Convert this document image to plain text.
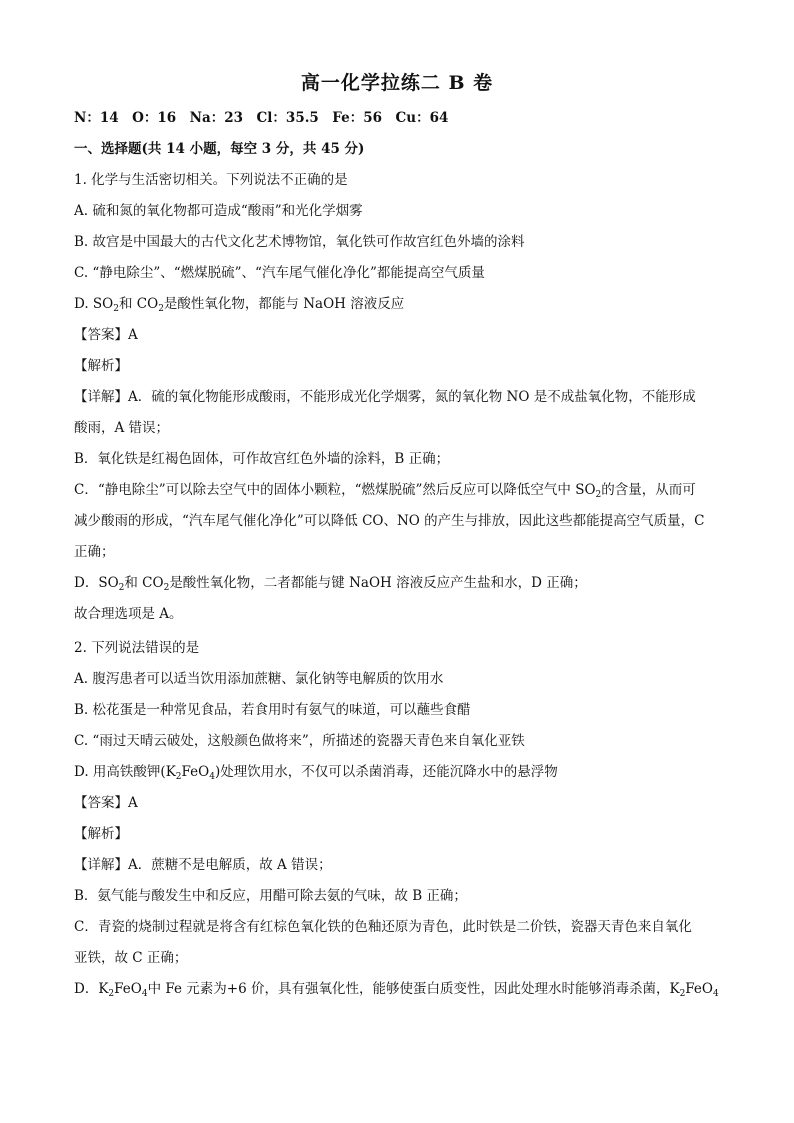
高一化学拉练二 B 卷
N：14　O：16　Na：23　Cl：35.5　Fe：56　Cu：64
一、选择题(共 14 小题，每空 3 分，共 45 分)
1. 化学与生活密切相关。下列说法不正确的是
A. 硫和氮的氧化物都可造成“酸雨”和光化学烟雾
B. 故宫是中国最大的古代文化艺术博物馆，氧化铁可作故宫红色外墙的涂料
C. “静电除尘”、“燃煤脱硫”、“汽车尾气催化净化”都能提高空气质量
D. $SO_2$和 $CO_2$是酸性氧化物，都能与 NaOH 溶液反应
【答案】A
【解析】
【详解】A．硫的氧化物能形成酸雨，不能形成光化学烟雾，氮的氧化物 NO 是不成盐氧化物，不能形成
酸雨，A 错误；
B．氧化铁是红褐色固体，可作故宫红色外墙的涂料，B 正确；
C．“静电除尘”可以除去空气中的固体小颗粒，“燃煤脱硫”然后反应可以降低空气中 $SO_2$的含量，从而可
减少酸雨的形成，“汽车尾气催化净化”可以降低 CO、NO 的产生与排放，因此这些都能提高空气质量，C
正确；
D．$SO_2$和 $CO_2$是酸性氧化物，二者都能与键 NaOH 溶液反应产生盐和水，D 正确；
故合理选项是 A。
2. 下列说法错误的是
A. 腹泻患者可以适当饮用添加蔗糖、氯化钠等电解质的饮用水
B. 松花蛋是一种常见食品，若食用时有氨气的味道，可以蘸些食醋
C. “雨过天晴云破处，这般颜色做将来”，所描述的瓷器天青色来自氧化亚铁
D. 用高铁酸钾$(K_2FeO_4)$处理饮用水，不仅可以杀菌消毒，还能沉降水中的悬浮物
【答案】A
【解析】
【详解】A．蔗糖不是电解质，故 A 错误；
B．氨气能与酸发生中和反应，用醋可除去氨的气味，故 B 正确；
C．青瓷的烧制过程就是将含有红棕色氧化铁的色釉还原为青色，此时铁是二价铁，瓷器天青色来自氧化
亚铁，故 C 正确；
D．$K_2FeO_4$中 Fe 元素为+6 价，具有强氧化性，能够使蛋白质变性，因此处理水时能够消毒杀菌，$K_2FeO_4$
